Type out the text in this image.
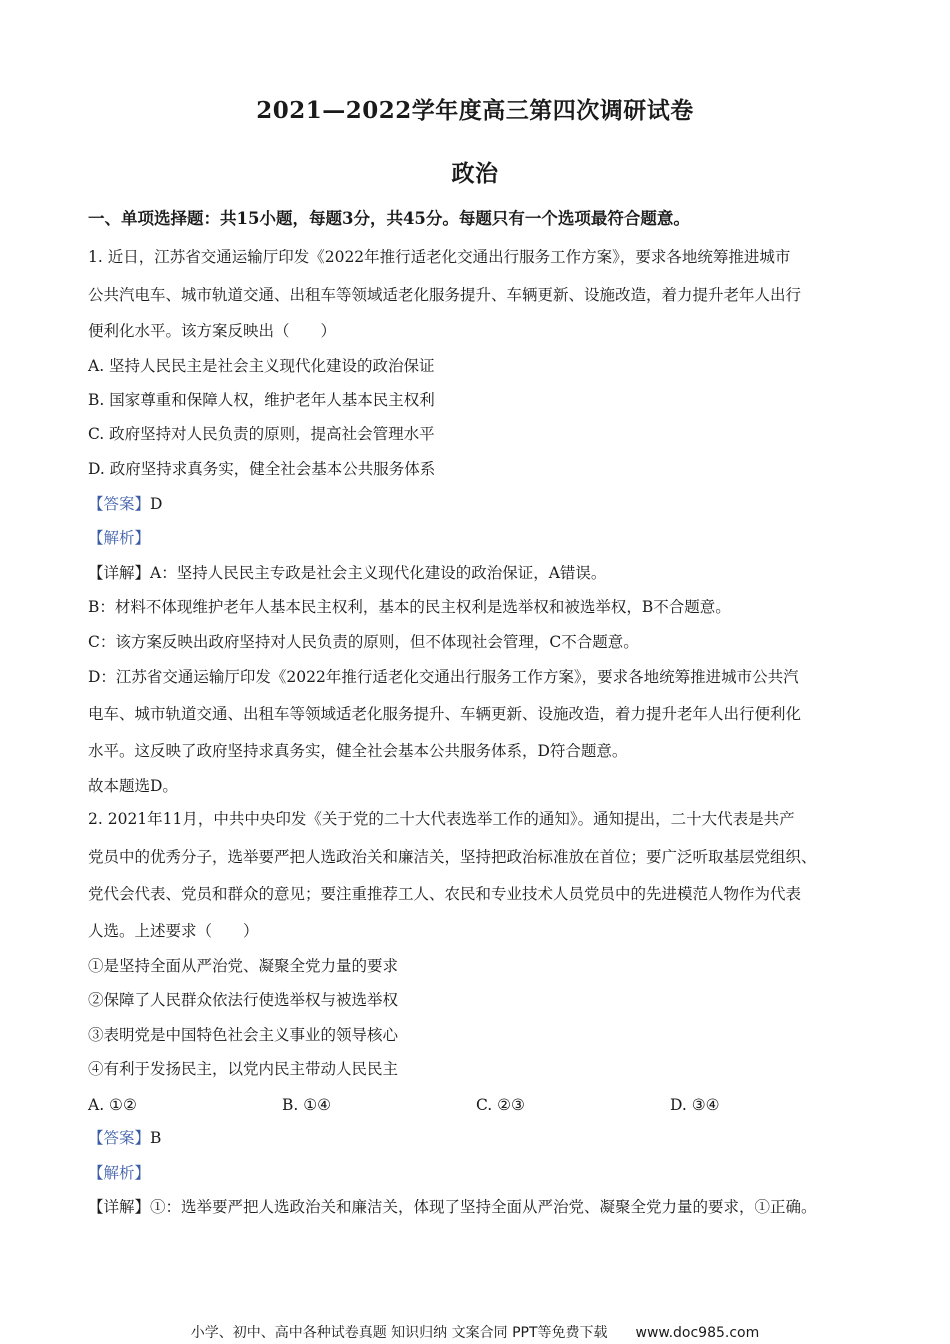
2021—2022学年度高三第四次调研试卷
政治
一、单项选择题：共15小题，每题3分，共45分。每题只有一个选项最符合题意。
1. 近日，江苏省交通运输厅印发《2022年推行适老化交通出行服务工作方案》，要求各地统筹推进城市
公共汽电车、城市轨道交通、出租车等领域适老化服务提升、车辆更新、设施改造，着力提升老年人出行
便利化水平。该方案反映出（　　）
A. 坚持人民民主是社会主义现代化建设的政治保证
B. 国家尊重和保障人权，维护老年人基本民主权利
C. 政府坚持对人民负责的原则，提高社会管理水平
D. 政府坚持求真务实，健全社会基本公共服务体系
【答案】D
【解析】
【详解】A：坚持人民民主专政是社会主义现代化建设的政治保证，A错误。
B：材料不体现维护老年人基本民主权利，基本的民主权利是选举权和被选举权，B不合题意。
C：该方案反映出政府坚持对人民负责的原则，但不体现社会管理，C不合题意。
D：江苏省交通运输厅印发《2022年推行适老化交通出行服务工作方案》，要求各地统筹推进城市公共汽
电车、城市轨道交通、出租车等领域适老化服务提升、车辆更新、设施改造，着力提升老年人出行便利化
水平。这反映了政府坚持求真务实，健全社会基本公共服务体系，D符合题意。
故本题选D。
2. 2021年11月，中共中央印发《关于党的二十大代表选举工作的通知》。通知提出，二十大代表是共产
党员中的优秀分子，选举要严把人选政治关和廉洁关，坚持把政治标准放在首位；要广泛听取基层党组织、
党代会代表、党员和群众的意见；要注重推荐工人、农民和专业技术人员党员中的先进模范人物作为代表
人选。上述要求（　　）
①是坚持全面从严治党、凝聚全党力量的要求
②保障了人民群众依法行使选举权与被选举权
③表明党是中国特色社会主义事业的领导核心
④有利于发扬民主，以党内民主带动人民民主
A. ①②	B. ①④	C. ②③	D. ③④
【答案】B
【解析】
【详解】①：选举要严把人选政治关和廉洁关，体现了坚持全面从严治党、凝聚全党力量的要求，①正确。
小学、初中、高中各种试卷真题 知识归纳 文案合同 PPT等免费下载　　www.doc985.com
